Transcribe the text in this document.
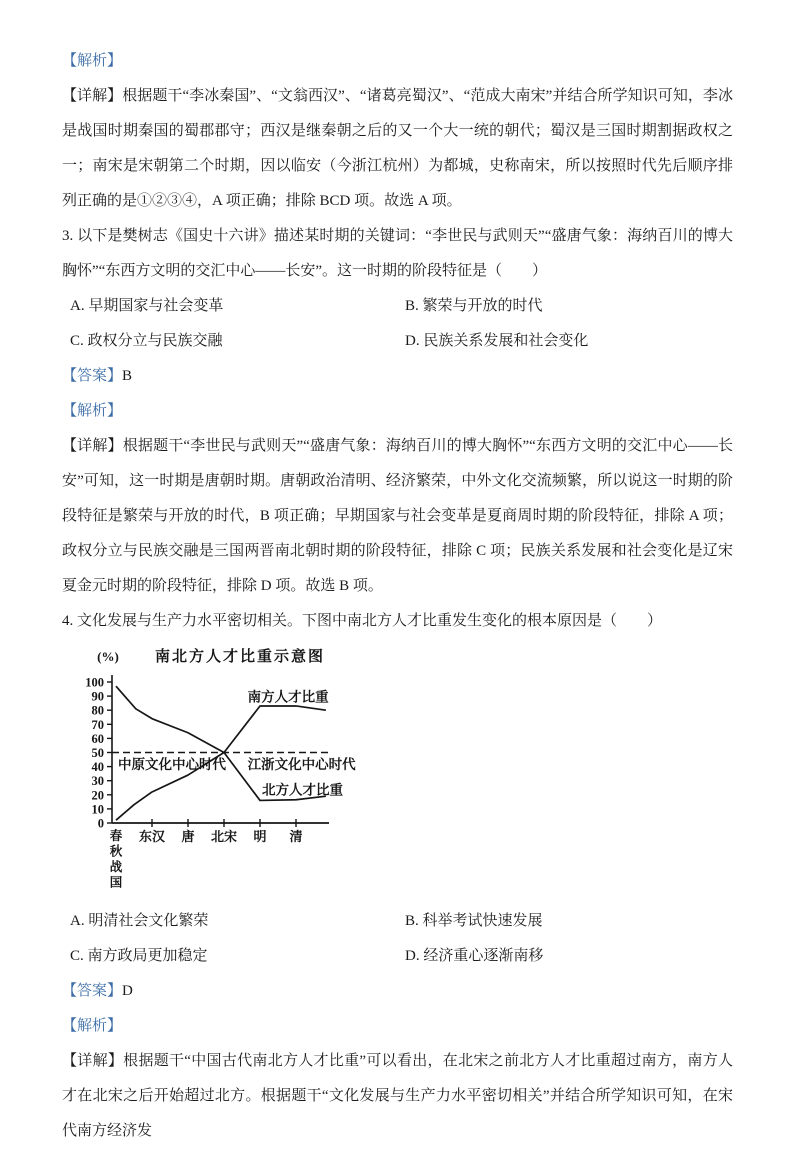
【解析】

【详解】根据题干“李冰秦国”、“文翁西汉”、“诸葛亮蜀汉”、“范成大南宋”并结合所学知识可知，李冰是战国时期秦国的蜀郡郡守；西汉是继秦朝之后的又一个大一统的朝代；蜀汉是三国时期割据政权之一；南宋是宋朝第二个时期，因以临安（今浙江杭州）为都城，史称南宋，所以按照时代先后顺序排列正确的是①②③④，A 项正确；排除 BCD 项。故选 A 项。

3. 以下是樊树志《国史十六讲》描述某时期的关键词：“李世民与武则天”“盛唐气象：海纳百川的博大胸怀”“东西方文明的交汇中心——长安”。这一时期的阶段特征是（　　）

A. 早期国家与社会变革	B. 繁荣与开放的时代
C. 政权分立与民族交融	D. 民族关系发展和社会变化

【答案】B

【解析】

【详解】根据题干“李世民与武则天”“盛唐气象：海纳百川的博大胸怀”“东西方文明的交汇中心——长安”可知，这一时期是唐朝时期。唐朝政治清明、经济繁荣，中外文化交流频繁，所以说这一时期的阶段特征是繁荣与开放的时代，B 项正确；早期国家与社会变革是夏商周时期的阶段特征，排除 A 项；政权分立与民族交融是三国两晋南北朝时期的阶段特征，排除 C 项；民族关系发展和社会变化是辽宋夏金元时期的阶段特征，排除 D 项。故选 B 项。

4. 文化发展与生产力水平密切相关。下图中南北方人才比重发生变化的根本原因是（　　）

南北方人才比重示意图
(%)
0
10
20
30
40
50
60
70
80
90
100
春
秋
战
国
东汉 唐 北宋 明 清
中原文化中心时代 江浙文化中心时代
南方人才比重
北方人才比重
A. 明清社会文化繁荣	B. 科举考试快速发展
C. 南方政局更加稳定	D. 经济重心逐渐南移

【答案】D

【解析】

【详解】根据题干“中国古代南北方人才比重”可以看出，在北宋之前北方人才比重超过南方，南方人才在北宋之后开始超过北方。根据题干“文化发展与生产力水平密切相关”并结合所学知识可知，在宋代南方经济发
